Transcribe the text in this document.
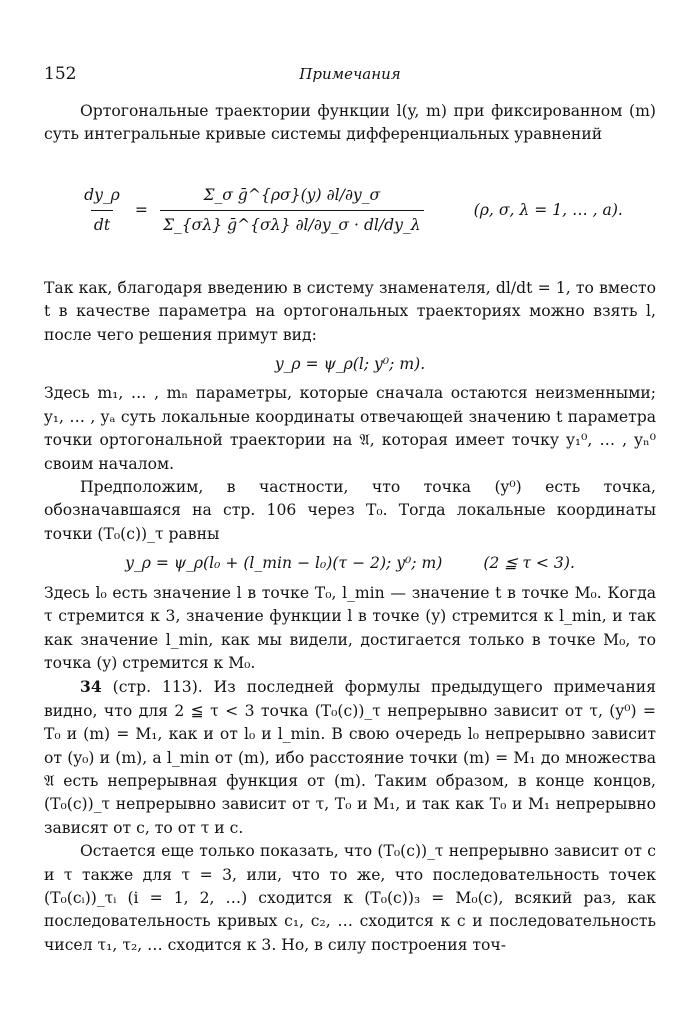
152	Примечания

Ортогональные траектории функции l(y, m) при фиксированном (m) суть интегральные кривые системы дифференциальных уравнений

$\frac{dy\_\rho}{dt} = \frac{\text{Σ\_σ ḡ\textasciicircum{}\{ρσ\}(y) ∂l/∂y\_σ}}{\text{Σ\_\{σλ\} ḡ\textasciicircum{}\{σλ\} ∂l/∂y\_σ · dl/dy\_λ}}$	(ρ, σ, λ = 1, … , a).

Так как, благодаря введению в систему знаменателя, dl/dt = 1, то вместо t в качестве параметра на ортогональных траекториях можно взять l, после чего решения примут вид:

y_ρ = ψ_ρ(l; y⁰; m).

Здесь m₁, … , mₙ параметры, которые сначала остаются неизменными; y₁, … , yₐ суть локальные координаты отвечающей значению t параметра точки ортогональной траектории на 𝔄, которая имеет точку y₁⁰, … , yₙ⁰ своим началом.

Предположим, в частности, что точка (y⁰) есть точка, обозначавшаяся на стр. 106 через T₀. Тогда локальные координаты точки (T₀(c))_τ равны

y_ρ = ψ_ρ(l₀ + (l_min − l₀)(τ − 2); y⁰; m)	(2 ≦ τ < 3).

Здесь l₀ есть значение l в точке T₀, l_min — значение t в точке M₀. Когда τ стремится к 3, значение функции l в точке (y) стремится к l_min, и так как значение l_min, как мы видели, достигается только в точке M₀, то точка (y) стремится к M₀.

34 (стр. 113). Из последней формулы предыдущего примечания видно, что для 2 ≦ τ < 3 точка (T₀(c))_τ непрерывно зависит от τ, (y⁰) = T₀ и (m) = M₁, как и от l₀ и l_min. В свою очередь l₀ непрерывно зависит от (y₀) и (m), а l_min от (m), ибо расстояние точки (m) = M₁ до множества 𝔄 есть непрерывная функция от (m). Таким образом, в конце концов, (T₀(c))_τ непрерывно зависит от τ, T₀ и M₁, и так как T₀ и M₁ непрерывно зависят от c, то от τ и c.

Остается еще только показать, что (T₀(c))_τ непрерывно зависит от c и τ также для τ = 3, или, что то же, что последовательность точек (T₀(cᵢ))_τᵢ (i = 1, 2, …) сходится к (T₀(c))₃ = M₀(c), всякий раз, как последовательность кривых c₁, c₂, … сходится к c и последовательность чисел τ₁, τ₂, … сходится к 3. Но, в силу построения точ-
